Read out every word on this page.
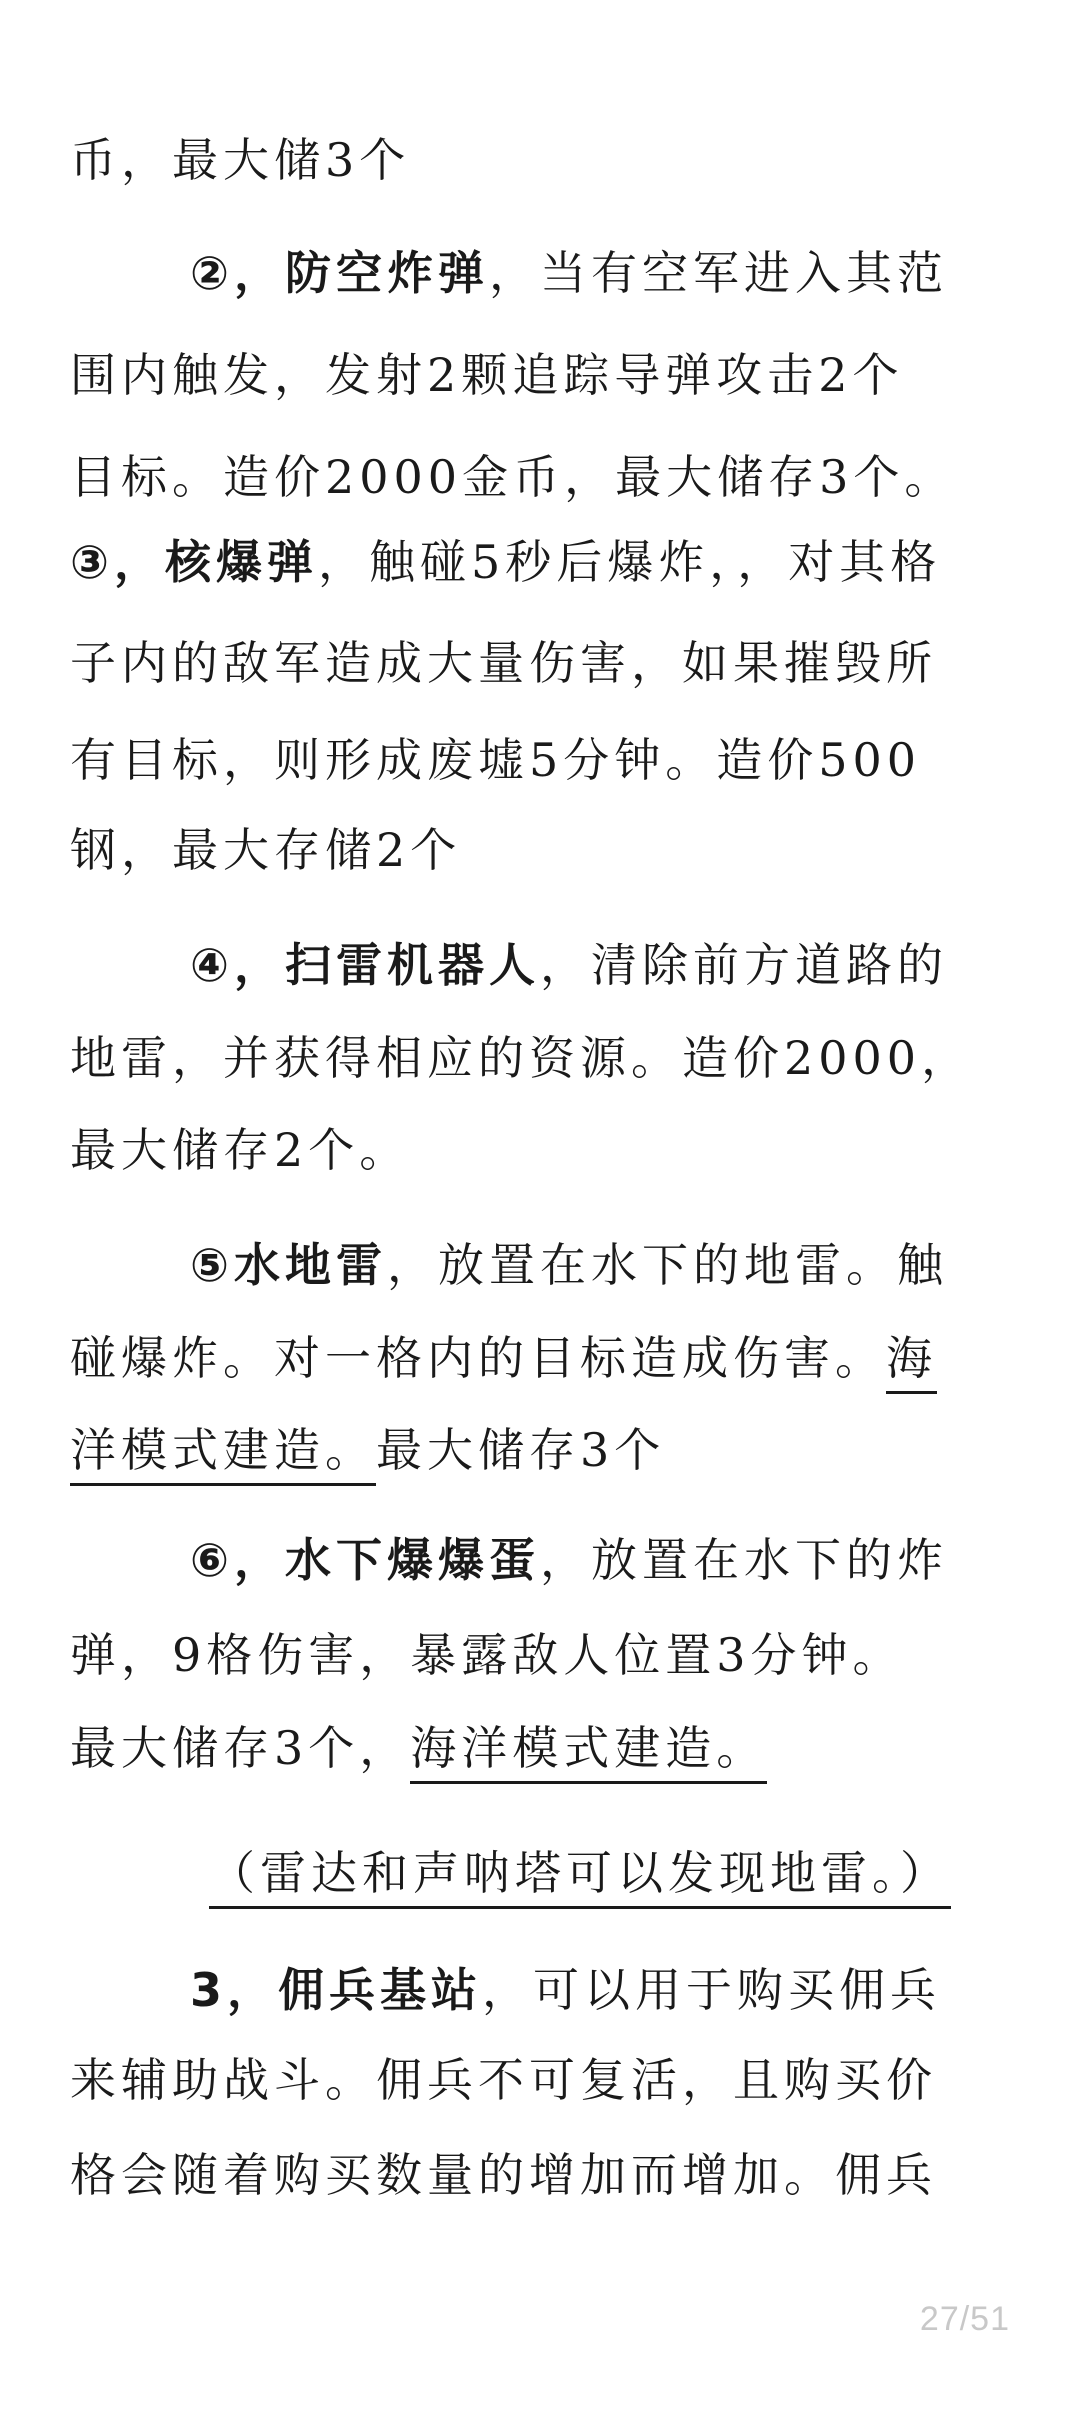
币，最大储3个
②，防空炸弹，当有空军进入其范
围内触发，发射2颗追踪导弹攻击2个
目标。造价2000金币，最大储存3个。
③，核爆弹，触碰5秒后爆炸，，对其格
子内的敌军造成大量伤害，如果摧毁所
有目标，则形成废墟5分钟。造价500
钢，最大存储2个
④，扫雷机器人，清除前方道路的
地雷，并获得相应的资源。造价2000，
最大储存2个。
⑤水地雷，放置在水下的地雷。触
碰爆炸。对一格内的目标造成伤害。海
洋模式建造。最大储存3个
⑥，水下爆爆蛋，放置在水下的炸
弹，9格伤害，暴露敌人位置3分钟。
最大储存3个，海洋模式建造。
（雷达和声呐塔可以发现地雷。）
3，佣兵基站，可以用于购买佣兵
来辅助战斗。佣兵不可复活，且购买价
格会随着购买数量的增加而增加。佣兵
27/51
